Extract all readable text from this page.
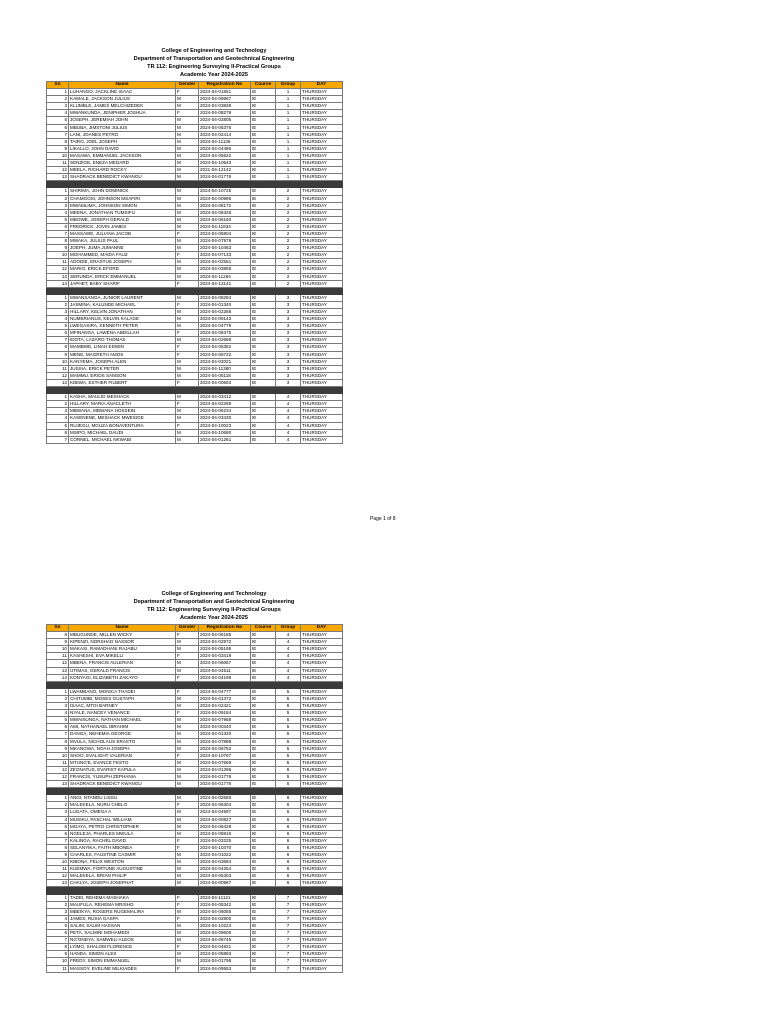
College of Engineering and Technology
Department of Transportation and Geotechnical Engineering
TR 112: Engineering Surveying II-Practical Groups
Academic Year 2024-2025
Sn	Name	Gender	Registration No	Course	Group	DAY
1	LUHANGO, JACKLINE ISAAC	F	2024-04-01551	IE	1	THURSDAY
2	KAMALE, JACKSON JULIUS	M	2024-04-09867	IE	1	THURSDAY
3	KLUMBLE, JAMES MELCHIZEDEK	M	2024-04-03836	IE	1	THURSDAY
4	MWANKUNDA, JENIPHER JOSHUA	F	2024-04-08279	IE	1	THURSDAY
5	JOSEPH, JEREMIAH JOHN	M	2024-04-02805	IE	1	THURSDAY
6	MBUBA, JIMSTONI JULIUS	M	2024-04-06376	IE	1	THURSDAY
7	LANI, JOANES PETRO	M	2024-04-02414	IE	1	THURSDAY
8	TAIRO, JOEL JOSEPH	M	2024-04-11136	IE	1	THURSDAY
9	LIKALLO, JOHN DAVID	M	2024-04-04486	IE	1	THURSDAY
10	MASAWA, EMMANUEL JACKSON	M	2024-04-05622	IE	1	THURSDAY
11	SENZIGE, ENEZA MEDARD	M	2024-04-10543	IE	1	THURSDAY
12	MEELA, RICHARD ROCKY	M	2021-04-12142	IE	1	THURSDAY
13	SHADRACK BENEDICT KWANGU	M	2024-04-01776	IE	1	THURSDAY

1	SHIRIMA, JOHN DOMINICK	M	2024-04-10725	IE	2	THURSDAY
2	CHAMGOSI, JOHNSON MSAFIRI	M	2024-04-00996	IE	2	THURSDAY
3	MWAMLIMA, JOHNSON SIMON	M	2024-04-08172	IE	2	THURSDAY
4	MEENA, JONATHAN TUMSIFU	M	2024-04-06328	IE	2	THURSDAY
5	MBOWE, JOSEPH GERALD	M	2024-04-06160	IE	2	THURSDAY
6	FREDRICK, JOVIN JAMES	M	2024-04-11834	IE	2	THURSDAY
7	MASSAWE, JULIANA JACOB	F	2024-04-05804	IE	2	THURSDAY
8	MWAKA, JULIUS PAUL	M	2024-04-07979	IE	2	THURSDAY
9	JOEPH, JUMA JUMANNE	M	2024-04-10463	IE	2	THURSDAY
10	MOHAMMED, MAIDA FAUZ	F	2024-04-07133	IE	2	THURSDAY
11	ADODIE, ERASTUS JOSEPH	M	2024-04-02551	IE	2	THURSDAY
12	MARIO, ERICK EFORD	M	2024-04-03855	IE	2	THURSDAY
13	SERUNDA, ERICK EMMANUEL	M	2024-04-11264	IE	2	THURSDAY
14	JAPHET, BABY SHARIF	F	2024-04-12141	IE	2	THURSDAY

1	MWANSANGA, JUNIOR LAURENT	M	2024-04-08284	IE	3	THURSDAY
2	JASMINA, KALUNDE MICHAEL	F	2024-04-01340	IE	3	THURSDAY
3	HILLARY, KELVIN JONATHAN	M	2024-04-02268	IE	3	THURSDAY
4	NUMERIANUS, KELVIN KALAGE	M	2024-04-09143	IE	3	THURSDAY
5	LWEGASIRA, KENNETH PETER	M	2024-04-04779	IE	3	THURSDAY
6	MFINANGA, LAWENA ABDILLAH	F	2024-04-06375	IE	3	THURSDAY
7	IDOTA, LAZARO THOMAS	M	2024-04-02668	IE	3	THURSDAY
8	MAMBWE, LINAH EDWIN	F	2024-04-05382	IE	3	THURSDAY
9	MENE, MAGRETH AMOS	F	2024-04-08722	IE	3	THURSDAY
10	KANYEMA, JOSEPH ALEN	M	2024-04-02021	IE	3	THURSDAY
11	JUSSIA, ERICK PETER	M	2024-04-11380	IE	3	THURSDAY
12	MAMMU, ERIOS SAMSON	M	2024-04-05118	IE	3	THURSDAY
13	KIBIWA, ESTHER FILBERT	F	2024-04-00693	IE	3	THURSDAY

1	KASHA, MAULID MESHACK	M	2024-04-03412	IE	4	THURSDAY
2	HILLARY, MARIA ANACLETH	F	2024-04-02269	IE	4	THURSDAY
3	MBWANA, MBWANA HOSSEIN	M	2024-04-06234	IE	4	THURSDAY
4	KASENENE, MESHACK MWESIGE	M	2024-04-03430	IE	4	THURSDAY
5	RUJEGU, MGUZA BONAVENTURA	F	2024-04-10023	IE	4	THURSDAY
6	MSIPO, MICHAEL DAUDI	M	2024-04-10680	IE	4	THURSDAY
7	CORNEL, MICHAEL NKWABI	M	2024-04-01261	IE	4	THURSDAY
Page 1 of 8
College of Engineering and Technology
Department of Transportation and Geotechnical Engineering
TR 112: Engineering Surveying II-Practical Groups
Academic Year 2024-2025
Sn	Name	Gender	Registration No	Course	Group	DAY
8	MBUGUNDE, MILLEN WICKY	F	2024-04-06185	IE	4	THURSDAY
9	KIPENZI, NORSHAD NASSOR	M	2024-04-02972	IE	4	THURSDAY
10	MAKASI, RAMADHANI RAJABU	M	2024-04-05195	IE	4	THURSDAY
11	KASHESHI, EVA MIKELLI	F	2024-04-03419	IE	4	THURSDAY
12	MBENA, FRANCIS AULERIAN	M	2024-04-06067	IE	4	THURSDAY
13	UTIMAS, GERALD FRANCIS	M	2024-04-04511	IE	4	THURSDAY
14	KONYAGI, ELIZABETH ZAKAYO	F	2024-04-04198	IE	4	THURSDAY

1	LWAMBANO, MONICA THADEI	F	2024-04-04777	IE	5	THURSDAY
2	CHITUMBI, MOSES GUSTAPH	M	2024-04-01372	IE	5	THURSDAY
3	ISAAC, MTOI BARNEY	M	2024-04-02421	IE	5	THURSDAY
4	NYALE, NANCEY VENANCE	F	2024-04-09184	IE	5	THURSDAY
5	MWAISUNGA, NATHAN MICHAEL	M	2024-04-07968	IE	5	THURSDAY
6	AMI, NATHANAEL IBRAHIM	M	2024-04-00340	IE	5	THURSDAY
7	DANGA, NEHEMIA GEORGE	M	2024-04-01320	IE	5	THURSDAY
8	MVULA, NICHOLAUS ERASTO	M	2024-04-07898	IE	5	THURSDAY
9	MKANGWA, NOAH JOSEPH	M	2024-04-06752	IE	5	THURSDAY
10	SHOO, EVALIGHT VALERIAN	F	2024-04-10767	IE	5	THURSDAY
11	MTUNG'E, EVANCE FESTO	M	2024-04-07669	IE	5	THURSDAY
12	ZEONATUS, EVARIST KAPULA	M	2024-04-01396	IE	5	THURSDAY
12	FRANCIS, YUSUPH ZEPHANIA	M	2024-04-01776	IE	5	THURSDAY
13	SHADRACK BENEDICT KWANGU	M	2024-04-01776	IE	5	THURSDAY

1	ANGI, NTANDU LISSU	M	2024-04-02680	IE	6	THURSDAY
2	MALEKELA, NURU CHELO	F	2024-04-05304	IE	6	THURSDAY
3	LUGATA, OMEGA A	M	2024-04-04597	IE	6	THURSDAY
4	MUSIKU, PASCHAL WILLIAM	M	2024-04-00827	IE	6	THURSDAY
5	MGAYA, PETRO CHRISTOPHER	M	2024-04-06428	IE	6	THURSDAY
6	NGELEJA, PHARLES MWULA	M	2024-04-08816	IE	6	THURSDAY
7	KALINGA, RACHEL DAVID	F	2024-04-03225	IE	6	THURSDAY
8	SELANYIKA, FAITH MBONEA	F	2024-04-10470	IE	6	THURSDAY
9	CHARLES, FAUSTINE CASMIR	M	2024-04-01022	IE	6	THURSDAY
10	KIBONA, FELIX WESTON	M	2024-04-03684	IE	6	THURSDAY
11	KUEMWA, FORTUNE AUGUSTINE	M	2024-04-04254	IE	6	THURSDAY
12	MALEKELA, BRIAN PHILIP	M	2024-04-05303	IE	6	THURSDAY
13	CHALYA, JOSEPH JOSEPHAT	M	2024-04-00987	IE	6	THURSDAY

1	TADEI, REHEMA MASHAKA	F	2024-04-11121	IE	7	THURSDAY
2	MAUFULA, REHEMA MRISHO	F	2024-04-05342	IE	7	THURSDAY
3	MBEIKYA, ROGERS RUGEMALIRA	M	2024-04-06056	IE	7	THURSDAY
4	JAMES, RUSIA GASPA	F	2024-04-02800	IE	7	THURSDAY
5	SALIM, SALIM HASSAN	M	2024-04-10224	IE	7	THURSDAY
6	PETA, SALMINI MOHAMEDI	M	2024-04-09605	IE	7	THURSDAY
7	NG'ONDYA, SAMWELI ALEOS	M	2024-04-08745	IE	7	THURSDAY
8	LYIMO, SHALOM FLORENCE	F	2024-04-04821	IE	7	THURSDAY
9	HANDA, SIMON ALEX	M	2024-04-05883	IE	7	THURSDAY
10	FREDY, SIMON EMMANUEL	M	2024-04-01798	IE	7	THURSDAY
11	MASSOY, EVELINE MILKIADES	F	2024-04-09553	IE	7	THURSDAY
